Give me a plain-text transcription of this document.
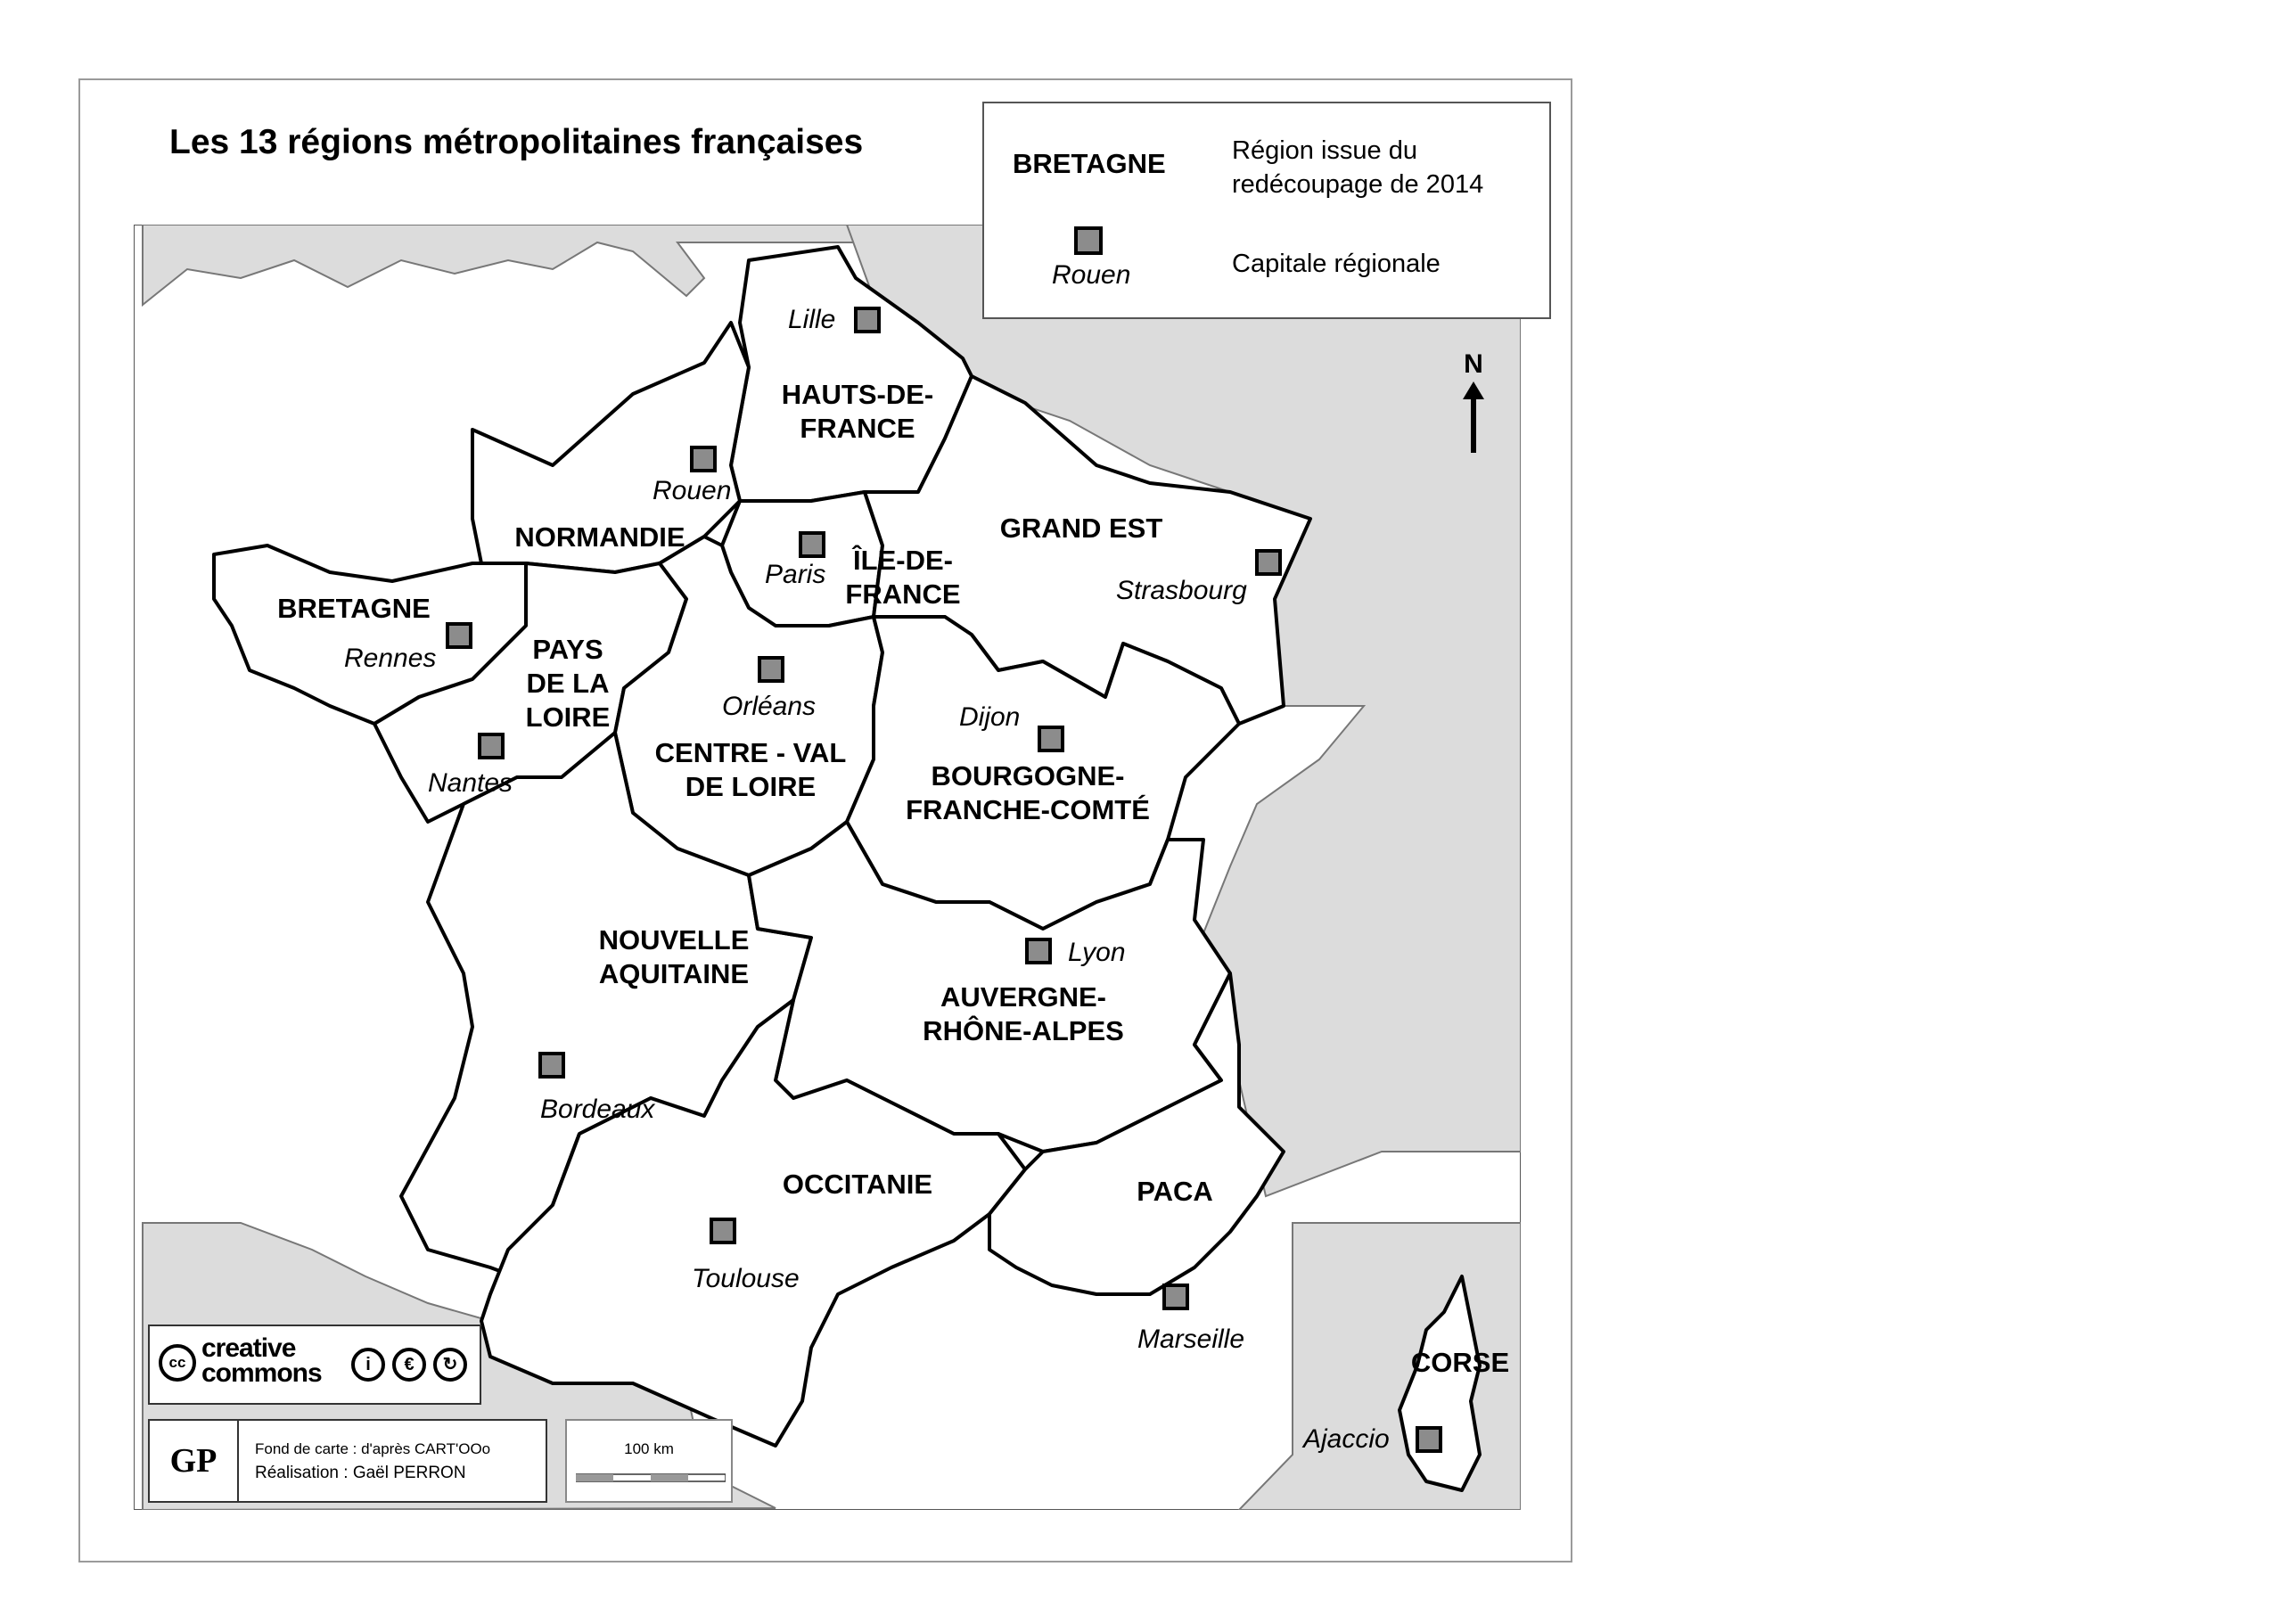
Les 13 régions métropolitaines françaises
HAUTS-DE-
FRANCE
NORMANDIE
ÎLE-DE-
FRANCE
GRAND EST
BRETAGNE
PAYS
DE LA
LOIRE
CENTRE - VAL
DE LOIRE	BOURGOGNE-
FRANCHE-COMTÉ
NOUVELLE
AQUITAINE
AUVERGNE-
RHÔNE-ALPES
OCCITANIE	PACA
CORSE
Lille
Rouen
Paris
Strasbourg
Rennes
Nantes
Orléans	Dijon
Bordeaux
Lyon
Toulouse
Marseille
Ajaccio
BRETAGNE	Région issue du
redécoupage de 2014
Rouen	Capitale régionale
N
cc creative
commons	i	€	↻
GP	Fond de carte : d'après CART'OOo
Réalisation : Gaël PERRON
100 km
